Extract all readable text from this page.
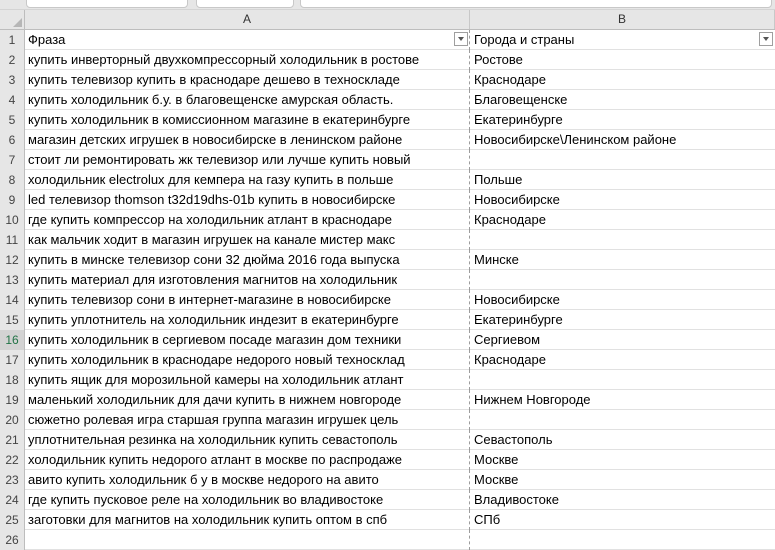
A	B
1 Фраза	Города и страны
2 купить инверторный двухкомпрессорный холодильник в ростове	Ростове
3 купить телевизор купить в краснодаре дешево в техноскладе	Краснодаре
4 купить холодильник б.у. в благовещенске амурская область.	Благовещенске
5 купить холодильник в комиссионном магазине в екатеринбурге	Екатеринбурге
6 магазин детских игрушек в новосибирске в ленинском районе	Новосибирске\Ленинском районе
7 стоит ли ремонтировать жк телевизор или лучше купить новый
8 холодильник electrolux для кемпера на газу купить в польше	Польше
9 led телевизор thomson t32d19dhs-01b купить в новосибирске	Новосибирске
10 где купить компрессор на холодильник атлант в краснодаре	Краснодаре
11 как мальчик ходит в магазин игрушек на канале мистер макс
12 купить в минске телевизор сони 32 дюйма 2016 года выпуска	Минске
13 купить материал для изготовления магнитов на холодильник
14 купить телевизор сони в интернет-магазине в новосибирске	Новосибирске
15 купить уплотнитель на холодильник индезит в екатеринбурге	Екатеринбурге
16 купить холодильник в сергиевом посаде магазин дом техники	Сергиевом
17 купить холодильник в краснодаре недорого новый техносклад	Краснодаре
18 купить ящик для морозильной камеры на холодильник атлант
19 маленький холодильник для дачи купить в нижнем новгороде	Нижнем Новгороде
20 сюжетно ролевая игра старшая группа магазин игрушек цель
21 уплотнительная резинка на холодильник купить севастополь	Севастополь
22 холодильник купить недорого атлант в москве по распродаже	Москве
23 авито купить холодильник б у в москве недорого на авито	Москве
24 где купить пусковое реле на холодильник во владивостоке	Владивостоке
25 заготовки для магнитов на холодильник купить оптом в спб	СПб
26
